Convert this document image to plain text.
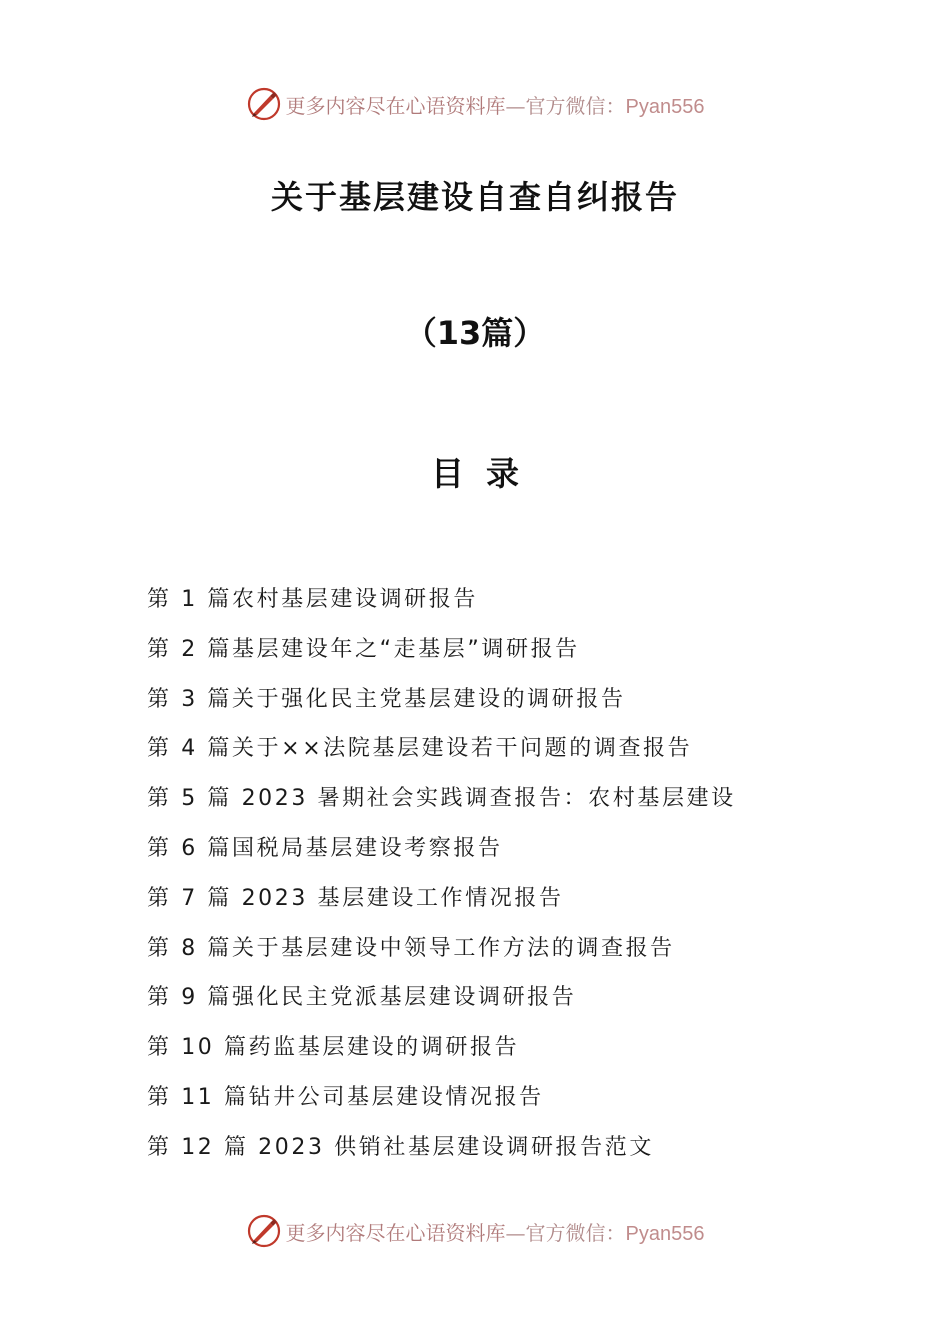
更多内容尽在心语资料库—官方微信：Pyan556
关于基层建设自查自纠报告
（13篇）
目录
第 1 篇农村基层建设调研报告
第 2 篇基层建设年之“走基层”调研报告
第 3 篇关于强化民主党基层建设的调研报告
第 4 篇关于××法院基层建设若干问题的调查报告
第 5 篇 2023 暑期社会实践调查报告：农村基层建设
第 6 篇国税局基层建设考察报告
第 7 篇 2023 基层建设工作情况报告
第 8 篇关于基层建设中领导工作方法的调查报告
第 9 篇强化民主党派基层建设调研报告
第 10 篇药监基层建设的调研报告
第 11 篇钻井公司基层建设情况报告
第 12 篇 2023 供销社基层建设调研报告范文
更多内容尽在心语资料库—官方微信：Pyan556
